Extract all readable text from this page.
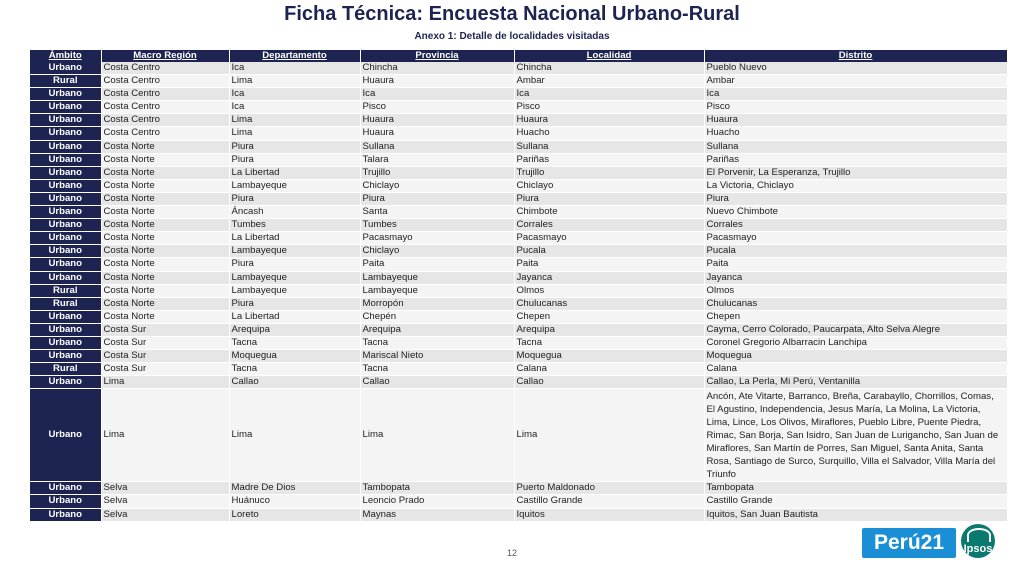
Ficha Técnica: Encuesta Nacional Urbano-Rural
Anexo 1: Detalle de localidades visitadas
Ámbito	Macro Región	Departamento	Provincia	Localidad	Distrito
Urbano	Costa Centro	Ica	Chincha	Chincha	Pueblo Nuevo
Rural	Costa Centro	Lima	Huaura	Ambar	Ambar
Urbano	Costa Centro	Ica	Ica	Ica	Ica
Urbano	Costa Centro	Ica	Pisco	Pisco	Pisco
Urbano	Costa Centro	Lima	Huaura	Huaura	Huaura
Urbano	Costa Centro	Lima	Huaura	Huacho	Huacho
Urbano	Costa Norte	Piura	Sullana	Sullana	Sullana
Urbano	Costa Norte	Piura	Talara	Pariñas	Pariñas
Urbano	Costa Norte	La Libertad	Trujillo	Trujillo	El Porvenir, La Esperanza, Trujillo
Urbano	Costa Norte	Lambayeque	Chiclayo	Chiclayo	La Victoria, Chiclayo
Urbano	Costa Norte	Piura	Piura	Piura	Piura
Urbano	Costa Norte	Áncash	Santa	Chimbote	Nuevo Chimbote
Urbano	Costa Norte	Tumbes	Tumbes	Corrales	Corrales
Urbano	Costa Norte	La Libertad	Pacasmayo	Pacasmayo	Pacasmayo
Urbano	Costa Norte	Lambayeque	Chiclayo	Pucala	Pucala
Urbano	Costa Norte	Piura	Paita	Paita	Paita
Urbano	Costa Norte	Lambayeque	Lambayeque	Jayanca	Jayanca
Rural	Costa Norte	Lambayeque	Lambayeque	Olmos	Olmos
Rural	Costa Norte	Piura	Morropón	Chulucanas	Chulucanas
Urbano	Costa Norte	La Libertad	Chepén	Chepen	Chepen
Urbano	Costa Sur	Arequipa	Arequipa	Arequipa	Cayma, Cerro Colorado, Paucarpata, Alto Selva Alegre
Urbano	Costa Sur	Tacna	Tacna	Tacna	Coronel Gregorio Albarracin Lanchipa
Urbano	Costa Sur	Moquegua	Mariscal Nieto	Moquegua	Moquegua
Rural	Costa Sur	Tacna	Tacna	Calana	Calana
Urbano	Lima	Callao	Callao	Callao	Callao, La Perla, Mi Perú, Ventanilla
Urbano	Lima	Lima	Lima	Lima	Ancón, Ate Vitarte, Barranco, Breña, Carabayllo, Chorrillos, Comas, El Agustino, Independencia, Jesus María, La Molina, La Victoria, Lima, Lince, Los Olivos, Miraflores, Pueblo Libre, Puente Piedra, Rimac, San Borja, San Isidro, San Juan de Lurigancho, San Juan de Miraflores, San Martín de Porres, San Miguel, Santa Anita, Santa Rosa, Santiago de Surco, Surquillo, Villa el Salvador, Villa María del Triunfo
Urbano	Selva	Madre De Dios	Tambopata	Puerto Maldonado	Tambopata
Urbano	Selva	Huánuco	Leoncio Prado	Castillo Grande	Castillo Grande
Urbano	Selva	Loreto	Maynas	Iquitos	Iquitos, San Juan Bautista
12	Perú21	Ipsos
